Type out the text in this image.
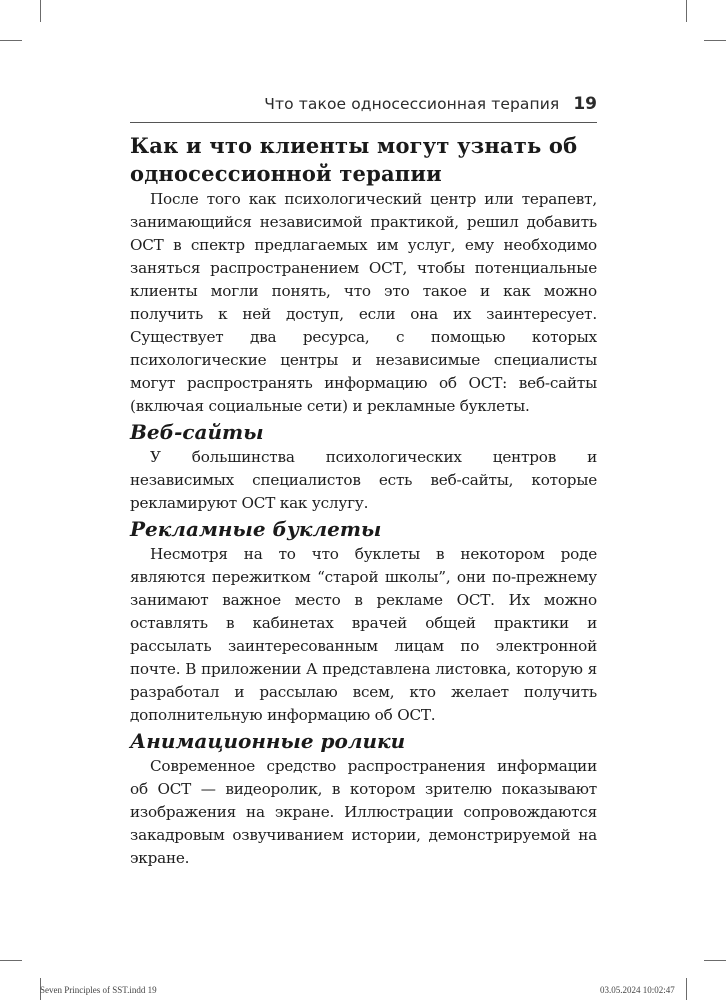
Что такое односессионная терапия 19
Как и что клиенты могут узнать об односессионной терапии

После того как психологический центр или терапевт, занимающийся независимой практикой, решил добавить ОСТ в спектр предлагаемых им услуг, ему необходимо заняться распространением ОСТ, чтобы потенциальные клиенты могли понять, что это такое и как можно получить к ней доступ, если она их заинтересует. Существует два ресурса, с помощью которых психологические центры и независимые специалисты могут распространять информацию об ОСТ: веб-сайты (включая социальные сети) и рекламные буклеты.

Веб-сайты

У большинства психологических центров и независимых специалистов есть веб-сайты, которые рекламируют ОСТ как услугу.

Рекламные буклеты

Несмотря на то что буклеты в некотором роде являются пережитком “старой школы”, они по-прежнему занимают важное место в рекламе ОСТ. Их можно оставлять в кабинетах врачей общей практики и рассылать заинтересованным лицам по электронной почте. В приложении А представлена листовка, которую я разработал и рассылаю всем, кто желает получить дополнительную информацию об ОСТ.

Анимационные ролики

Современное средство распространения информации об ОСТ — видеоролик, в котором зрителю показывают изображения на экране. Иллюстрации сопровождаются закадровым озвучиванием истории, демонстрируемой на экране.

Seven Principles of SST.indd 19	03.05.2024 10:02:47
